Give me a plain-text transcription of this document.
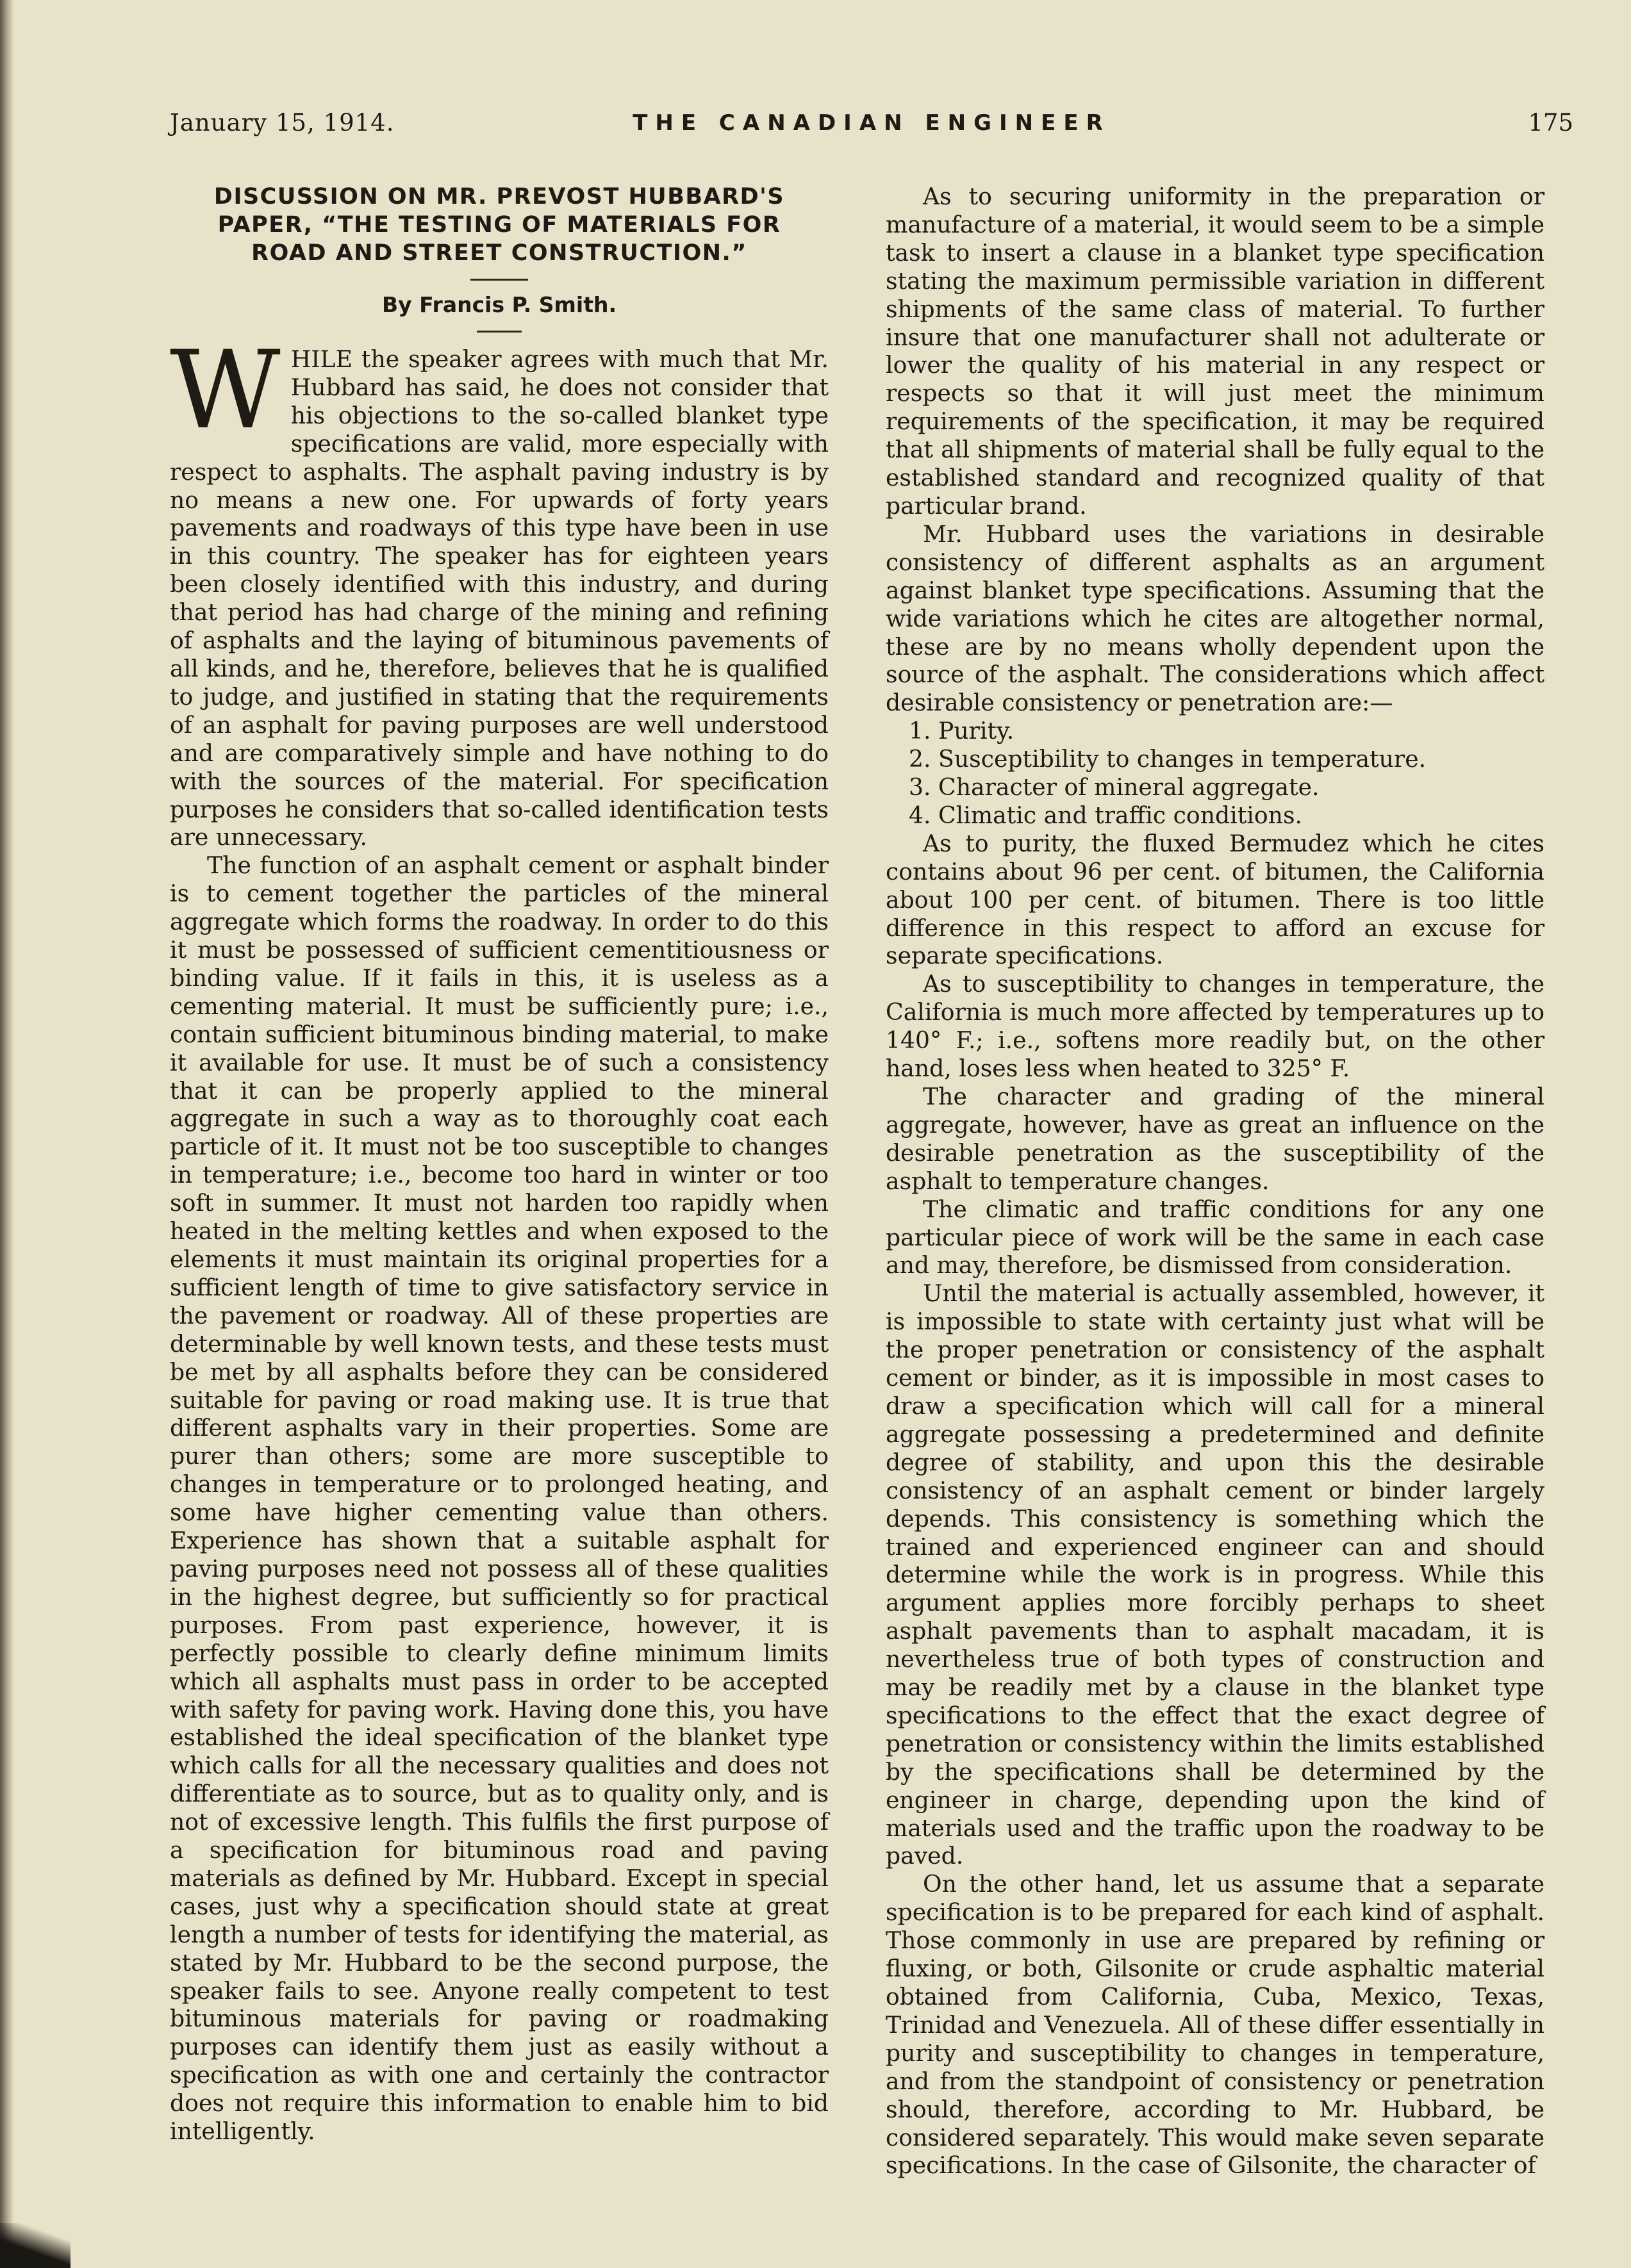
January 15, 1914.	THE CANADIAN ENGINEER	175
DISCUSSION ON MR. PREVOST HUBBARD'S PAPER, “THE TESTING OF MATERIALS FOR ROAD AND STREET CONSTRUCTION.”
By Francis P. Smith.

WHILE the speaker agrees with much that Mr. Hubbard has said, he does not consider that his objections to the so-called blanket type specifications are valid, more especially with respect to asphalts. The asphalt paving industry is by no means a new one. For upwards of forty years pavements and roadways of this type have been in use in this country. The speaker has for eighteen years been closely identified with this industry, and during that period has had charge of the mining and refining of asphalts and the laying of bituminous pavements of all kinds, and he, therefore, believes that he is qualified to judge, and justified in stating that the requirements of an asphalt for paving purposes are well understood and are comparatively simple and have nothing to do with the sources of the material. For specification purposes he considers that so-called identification tests are unnecessary.

The function of an asphalt cement or asphalt binder is to cement together the particles of the mineral aggregate which forms the roadway. In order to do this it must be possessed of sufficient cementitiousness or binding value. If it fails in this, it is useless as a cementing material. It must be sufficiently pure; i.e., contain sufficient bituminous binding material, to make it available for use. It must be of such a consistency that it can be properly applied to the mineral aggregate in such a way as to thoroughly coat each particle of it. It must not be too susceptible to changes in temperature; i.e., become too hard in winter or too soft in summer. It must not harden too rapidly when heated in the melting kettles and when exposed to the elements it must maintain its original properties for a sufficient length of time to give satisfactory service in the pavement or roadway. All of these properties are determinable by well known tests, and these tests must be met by all asphalts before they can be considered suitable for paving or road making use. It is true that different asphalts vary in their properties. Some are purer than others; some are more susceptible to changes in temperature or to prolonged heating, and some have higher cementing value than others. Experience has shown that a suitable asphalt for paving purposes need not possess all of these qualities in the highest degree, but sufficiently so for practical purposes. From past experience, however, it is perfectly possible to clearly define minimum limits which all asphalts must pass in order to be accepted with safety for paving work. Having done this, you have established the ideal specification of the blanket type which calls for all the necessary qualities and does not differentiate as to source, but as to quality only, and is not of excessive length. This fulfils the first purpose of a specification for bituminous road and paving materials as defined by Mr. Hubbard. Except in special cases, just why a specification should state at great length a number of tests for identifying the material, as stated by Mr. Hubbard to be the second purpose, the speaker fails to see. Anyone really competent to test bituminous materials for paving or roadmaking purposes can identify them just as easily without a specification as with one and certainly the contractor does not require this information to enable him to bid intelligently.

As to securing uniformity in the preparation or manufacture of a material, it would seem to be a simple task to insert a clause in a blanket type specification stating the maximum permissible variation in different shipments of the same class of material. To further insure that one manufacturer shall not adulterate or lower the quality of his material in any respect or respects so that it will just meet the minimum requirements of the specification, it may be required that all shipments of material shall be fully equal to the established standard and recognized quality of that particular brand.

Mr. Hubbard uses the variations in desirable consistency of different asphalts as an argument against blanket type specifications. Assuming that the wide variations which he cites are altogether normal, these are by no means wholly dependent upon the source of the asphalt. The considerations which affect desirable consistency or penetration are:—

1. Purity.
2. Susceptibility to changes in temperature.
3. Character of mineral aggregate.
4. Climatic and traffic conditions.

As to purity, the fluxed Bermudez which he cites contains about 96 per cent. of bitumen, the California about 100 per cent. of bitumen. There is too little difference in this respect to afford an excuse for separate specifications.

As to susceptibility to changes in temperature, the California is much more affected by temperatures up to 140° F.; i.e., softens more readily but, on the other hand, loses less when heated to 325° F.

The character and grading of the mineral aggregate, however, have as great an influence on the desirable penetration as the susceptibility of the asphalt to temperature changes.

The climatic and traffic conditions for any one particular piece of work will be the same in each case and may, therefore, be dismissed from consideration.

Until the material is actually assembled, however, it is impossible to state with certainty just what will be the proper penetration or consistency of the asphalt cement or binder, as it is impossible in most cases to draw a specification which will call for a mineral aggregate possessing a predetermined and definite degree of stability, and upon this the desirable consistency of an asphalt cement or binder largely depends. This consistency is something which the trained and experienced engineer can and should determine while the work is in progress. While this argument applies more forcibly perhaps to sheet asphalt pavements than to asphalt macadam, it is nevertheless true of both types of construction and may be readily met by a clause in the blanket type specifications to the effect that the exact degree of penetration or consistency within the limits established by the specifications shall be determined by the engineer in charge, depending upon the kind of materials used and the traffic upon the roadway to be paved.

On the other hand, let us assume that a separate specification is to be prepared for each kind of asphalt. Those commonly in use are prepared by refining or fluxing, or both, Gilsonite or crude asphaltic material obtained from California, Cuba, Mexico, Texas, Trinidad and Venezuela. All of these differ essentially in purity and susceptibility to changes in temperature, and from the standpoint of consistency or penetration should, therefore, according to Mr. Hubbard, be considered separately. This would make seven separate specifications. In the case of Gilsonite, the character of
